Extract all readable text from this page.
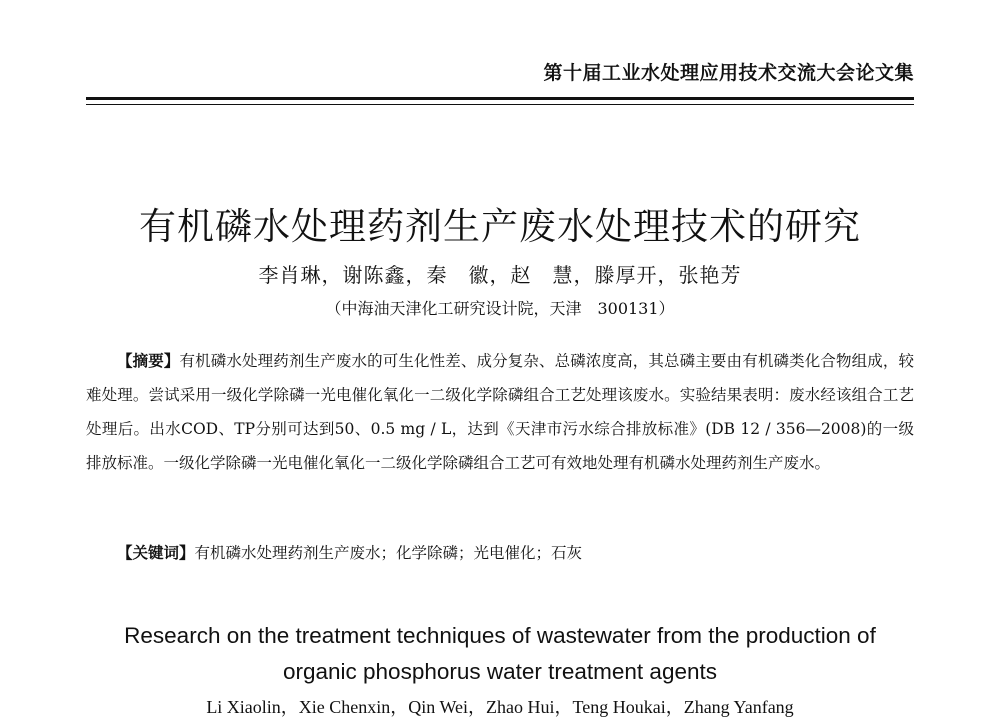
第十届工业水处理应用技术交流大会论文集
有机磷水处理药剂生产废水处理技术的研究
李肖琳，谢陈鑫，秦　徽，赵　慧，滕厚开，张艳芳
（中海油天津化工研究设计院，天津　300131）
【摘要】有机磷水处理药剂生产废水的可生化性差、成分复杂、总磷浓度高，其总磷主要由有机磷类化合物组成，较难处理。尝试采用一级化学除磷一光电催化氧化一二级化学除磷组合工艺处理该废水。实验结果表明：废水经该组合工艺处理后。出水COD、TP分别可达到50、0.5 mg / L，达到《天津市污水综合排放标准》(DB 12 / 356—2008)的一级排放标准。一级化学除磷一光电催化氧化一二级化学除磷组合工艺可有效地处理有机磷水处理药剂生产废水。
【关键词】有机磷水处理药剂生产废水；化学除磷；光电催化；石灰
Research on the treatment techniques of wastewater from the production of organic phosphorus water treatment agents
Li Xiaolin，Xie Chenxin，Qin Wei，Zhao Hui，Teng Houkai，Zhang Yanfang
